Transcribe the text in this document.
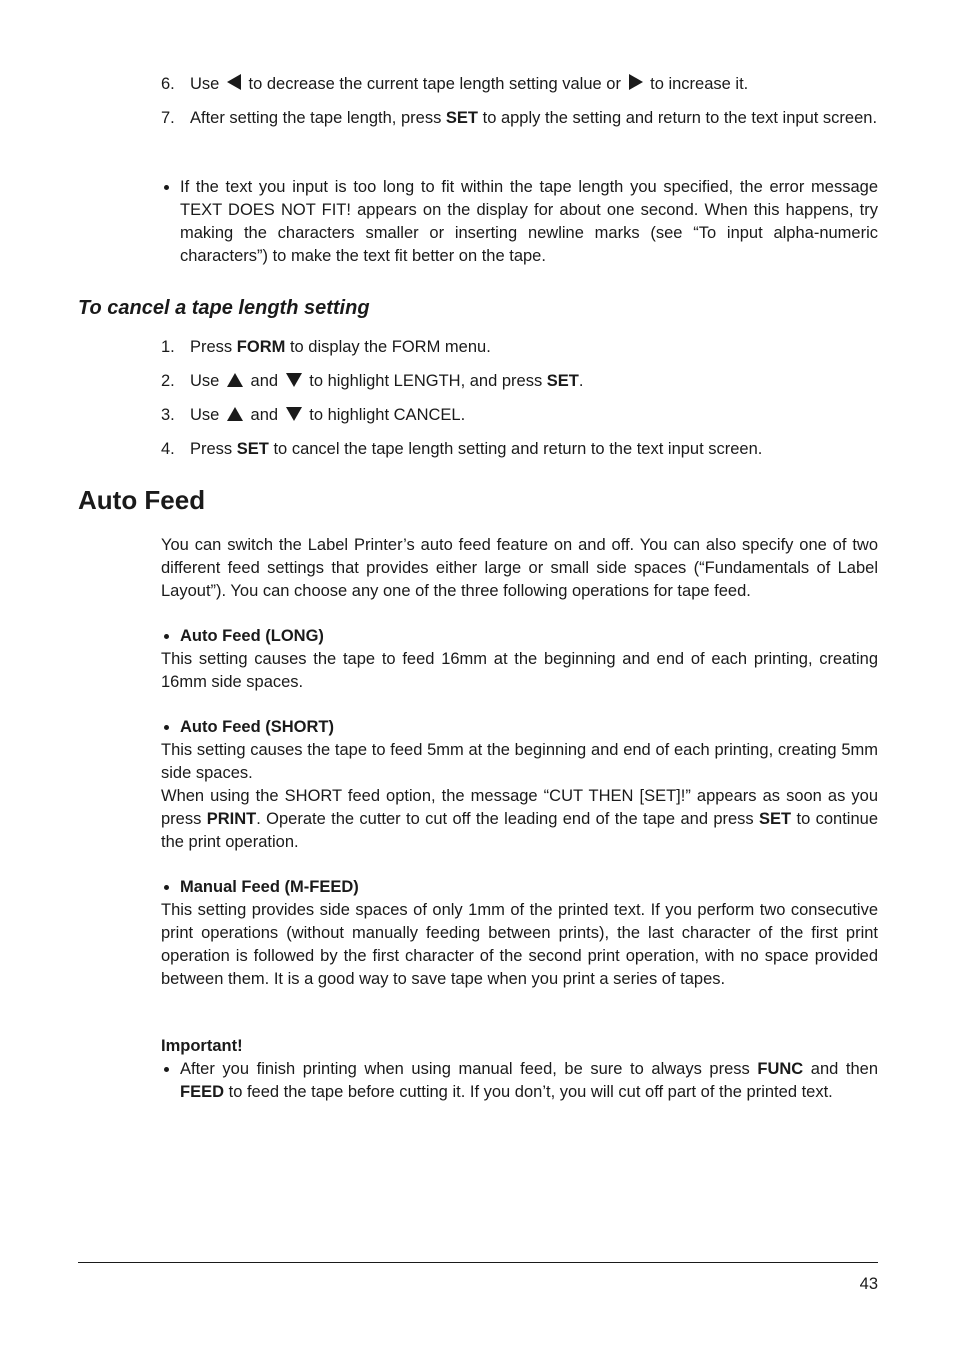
6. Use to decrease the current tape length setting value or to increase it.
7. After setting the tape length, press SET to apply the setting and return to the text input screen.
If the text you input is too long to fit within the tape length you specified, the error message TEXT DOES NOT FIT! appears on the display for about one second. When this happens, try making the characters smaller or inserting newline marks (see “To input alpha-numeric characters”) to make the text fit better on the tape.
To cancel a tape length setting
1. Press FORM to display the FORM menu.
2. Use and to highlight LENGTH, and press SET.
3. Use and to highlight CANCEL.
4. Press SET to cancel the tape length setting and return to the text input screen.
Auto Feed
You can switch the Label Printer’s auto feed feature on and off. You can also specify one of two different feed settings that provides either large or small side spaces (“Fundamentals of Label Layout”). You can choose any one of the three following operations for tape feed.
Auto Feed (LONG)
This setting causes the tape to feed 16mm at the beginning and end of each printing, creating 16mm side spaces.
Auto Feed (SHORT)
This setting causes the tape to feed 5mm at the beginning and end of each printing, creating 5mm side spaces.
When using the SHORT feed option, the message “CUT THEN [SET]!” appears as soon as you press PRINT. Operate the cutter to cut off the leading end of the tape and press SET to continue the print operation.
Manual Feed (M-FEED)
This setting provides side spaces of only 1mm of the printed text. If you perform two consecutive print operations (without manually feeding between prints), the last character of the first print operation is followed by the first character of the second print operation, with no space provided between them. It is a good way to save tape when you print a series of tapes.
Important!
After you finish printing when using manual feed, be sure to always press FUNC and then FEED to feed the tape before cutting it. If you don’t, you will cut off part of the printed text.
43
